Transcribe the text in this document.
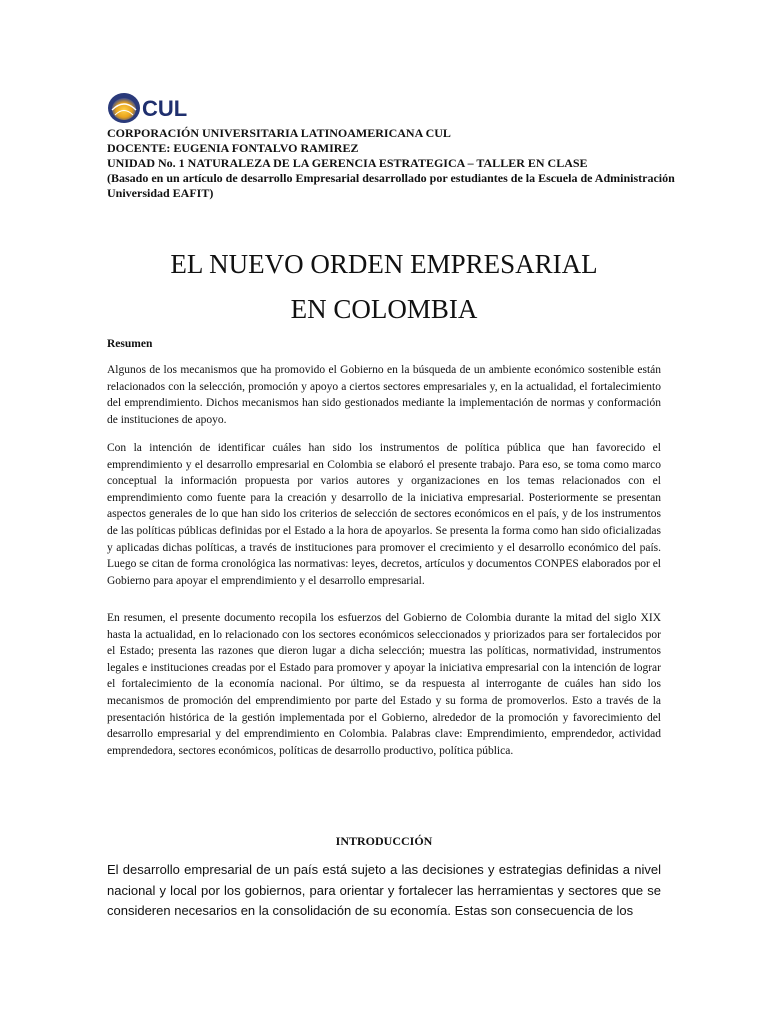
CUL
CORPORACIÓN UNIVERSITARIA LATINOAMERICANA CUL
DOCENTE: EUGENIA FONTALVO RAMIREZ
UNIDAD No. 1 NATURALEZA DE LA GERENCIA ESTRATEGICA – TALLER EN CLASE
(Basado en un artículo de desarrollo Empresarial desarrollado por estudiantes de la Escuela de Administración Universidad EAFIT)
EL NUEVO ORDEN EMPRESARIAL
EN COLOMBIA
Resumen

Algunos de los mecanismos que ha promovido el Gobierno en la búsqueda de un ambiente económico sostenible están relacionados con la selección, promoción y apoyo a ciertos sectores empresariales y, en la actualidad, el fortalecimiento del emprendimiento. Dichos mecanismos han sido gestionados mediante la implementación de normas y conformación de instituciones de apoyo.

Con la intención de identificar cuáles han sido los instrumentos de política pública que han favorecido el emprendimiento y el desarrollo empresarial en Colombia se elaboró el presente trabajo. Para eso, se toma como marco conceptual la información propuesta por varios autores y organizaciones en los temas relacionados con el emprendimiento como fuente para la creación y desarrollo de la iniciativa empresarial. Posteriormente se presentan aspectos generales de lo que han sido los criterios de selección de sectores económicos en el país, y de los instrumentos de las políticas públicas definidas por el Estado a la hora de apoyarlos. Se presenta la forma como han sido oficializadas y aplicadas dichas políticas, a través de instituciones para promover el crecimiento y el desarrollo económico del país. Luego se citan de forma cronológica las normativas: leyes, decretos, artículos y documentos CONPES elaborados por el Gobierno para apoyar el emprendimiento y el desarrollo empresarial.

En resumen, el presente documento recopila los esfuerzos del Gobierno de Colombia durante la mitad del siglo XIX hasta la actualidad, en lo relacionado con los sectores económicos seleccionados y priorizados para ser fortalecidos por el Estado; presenta las razones que dieron lugar a dicha selección; muestra las políticas, normatividad, instrumentos legales e instituciones creadas por el Estado para promover y apoyar la iniciativa empresarial con la intención de lograr el fortalecimiento de la economía nacional. Por último, se da respuesta al interrogante de cuáles han sido los mecanismos de promoción del emprendimiento por parte del Estado y su forma de promoverlos. Esto a través de la presentación histórica de la gestión implementada por el Gobierno, alrededor de la promoción y favorecimiento del desarrollo empresarial y del emprendimiento en Colombia. Palabras clave: Emprendimiento, emprendedor, actividad emprendedora, sectores económicos, políticas de desarrollo productivo, política pública.

INTRODUCCIÓN

El desarrollo empresarial de un país está sujeto a las decisiones y estrategias definidas a nivel nacional y local por los gobiernos, para orientar y fortalecer las herramientas y sectores que se consideren necesarios en la consolidación de su economía. Estas son consecuencia de los
